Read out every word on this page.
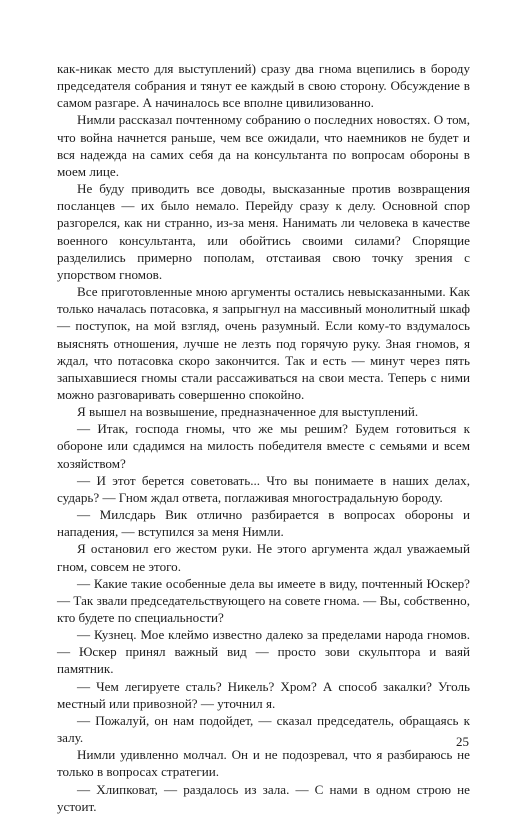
как-никак место для выступлений) сразу два гнома вцепились в бороду председателя собрания и тянут ее каждый в свою сторону. Обсуждение в самом разгаре. А начиналось все вполне цивилизованно.

Нимли рассказал почтенному собранию о последних новостях. О том, что война начнется раньше, чем все ожидали, что наемников не будет и вся надежда на самих себя да на консультанта по вопросам обороны в моем лице.

Не буду приводить все доводы, высказанные против возвращения посланцев — их было немало. Перейду сразу к делу. Основной спор разгорелся, как ни странно, из-за меня. Нанимать ли человека в качестве военного консультанта, или обойтись своими силами? Спорящие разделились примерно пополам, отстаивая свою точку зрения с упорством гномов.

Все приготовленные мною аргументы остались невысказанными. Как только началась потасовка, я запрыгнул на массивный монолитный шкаф — поступок, на мой взгляд, очень разумный. Если кому-то вздумалось выяснять отношения, лучше не лезть под горячую руку. Зная гномов, я ждал, что потасовка скоро закончится. Так и есть — минут через пять запыхавшиеся гномы стали рассаживаться на свои места. Теперь с ними можно разговаривать совершенно спокойно.

Я вышел на возвышение, предназначенное для выступлений.

— Итак, господа гномы, что же мы решим? Будем готовиться к обороне или сдадимся на милость победителя вместе с семьями и всем хозяйством?

— И этот берется советовать... Что вы понимаете в наших делах, сударь? — Гном ждал ответа, поглаживая многострадальную бороду.

— Милсдарь Вик отлично разбирается в вопросах обороны и нападения, — вступился за меня Нимли.

Я остановил его жестом руки. Не этого аргумента ждал уважаемый гном, совсем не этого.

— Какие такие особенные дела вы имеете в виду, почтенный Юскер? — Так звали председательствующего на совете гнома. — Вы, собственно, кто будете по специальности?

— Кузнец. Мое клеймо известно далеко за пределами народа гномов. — Юскер принял важный вид — просто зови скульптора и ваяй памятник.

— Чем легируете сталь? Никель? Хром? А способ закалки? Уголь местный или привозной? — уточнил я.

— Пожалуй, он нам подойдет, — сказал председатель, обращаясь к залу.

Нимли удивленно молчал. Он и не подозревал, что я разбираюсь не только в вопросах стратегии.

— Хлипковат, — раздалось из зала. — С нами в одном строю не устоит.

25
